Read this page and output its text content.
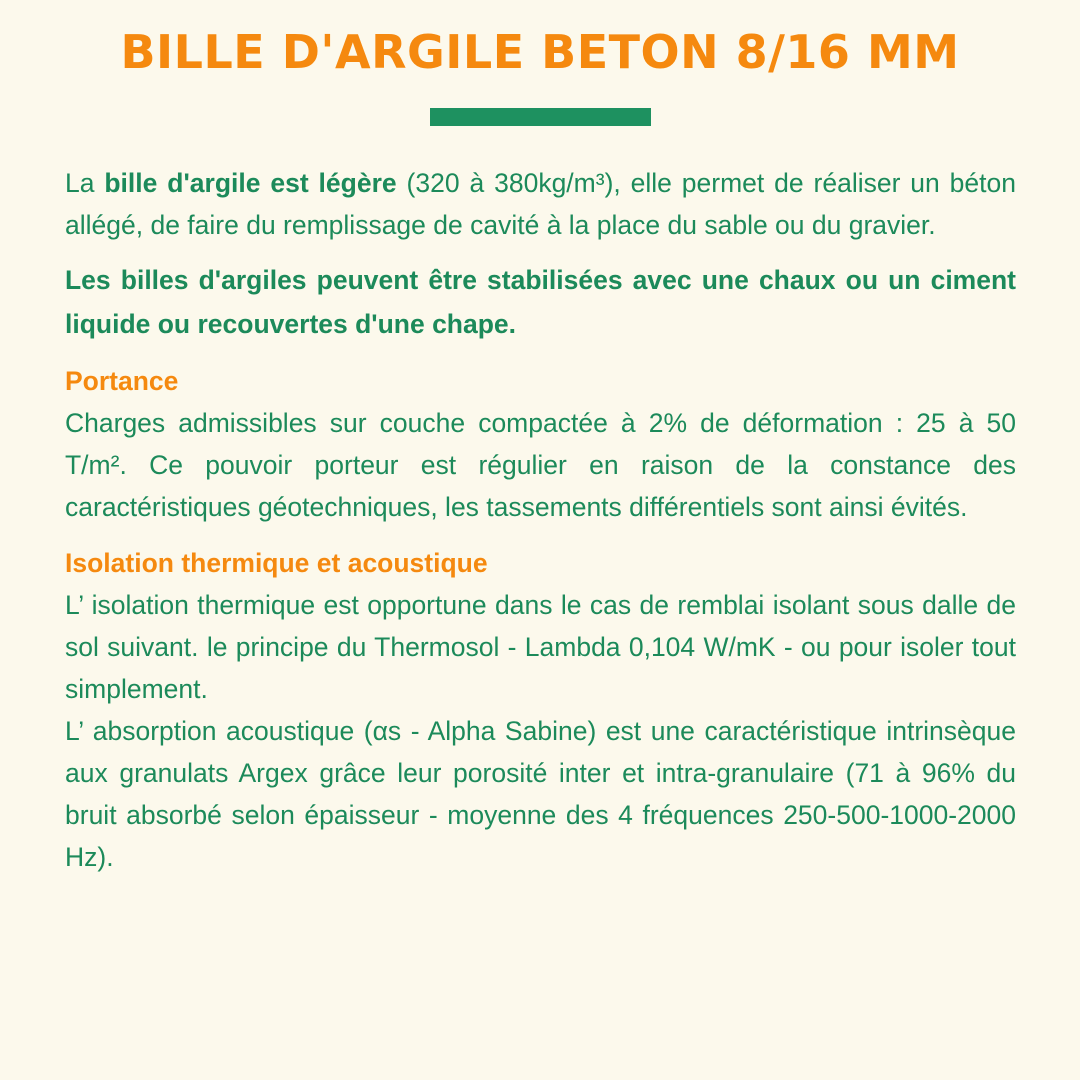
BILLE D'ARGILE BETON 8/16 MM

La bille d'argile est légère (320 à 380kg/m³), elle permet de réaliser un béton allégé, de faire du remplissage de cavité à la place du sable ou du gravier.

Les billes d'argiles peuvent être stabilisées avec une chaux ou un ciment liquide ou recouvertes d'une chape.

Portance

Charges admissibles sur couche compactée à 2% de déformation : 25 à 50 T/m². Ce pouvoir porteur est régulier en raison de la constance des caractéristiques géotechniques, les tassements différentiels sont ainsi évités.

Isolation thermique et acoustique

L’ isolation thermique est opportune dans le cas de remblai isolant sous dalle de sol suivant. le principe du Thermosol - Lambda 0,104 W/mK - ou pour isoler tout simplement.

L’ absorption acoustique (αs - Alpha Sabine) est une caractéristique intrinsèque aux granulats Argex grâce leur porosité inter et intra-granulaire (71 à 96% du bruit absorbé selon épaisseur - moyenne des 4 fréquences 250-500-1000-2000 Hz).
